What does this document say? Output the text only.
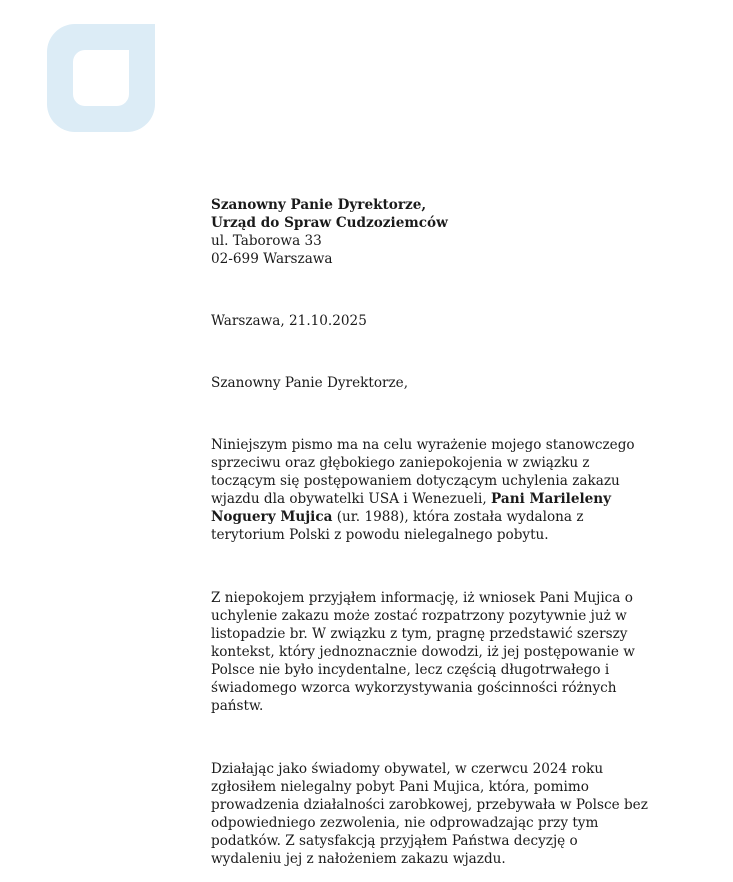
Szanowny Panie Dyrektorze,

Urząd do Spraw Cudzoziemców

ul. Taborowa 33

02-699 Warszawa

Warszawa, 21.10.2025

Szanowny Panie Dyrektorze,

Niniejszym pismo ma na celu wyrażenie mojego stanowczego sprzeciwu oraz głębokiego zaniepokojenia w związku z toczącym się postępowaniem dotyczącym uchylenia zakazu wjazdu dla obywatelki USA i Wenezueli, Pani Marileleny Noguery Mujica (ur. 1988), która została wydalona z terytorium Polski z powodu nielegalnego pobytu.

Z niepokojem przyjąłem informację, iż wniosek Pani Mujica o uchylenie zakazu może zostać rozpatrzony pozytywnie już w listopadzie br. W związku z tym, pragnę przedstawić szerszy kontekst, który jednoznacznie dowodzi, iż jej postępowanie w Polsce nie było incydentalne, lecz częścią długotrwałego i świadomego wzorca wykorzystywania gościnności różnych państw.

Działając jako świadomy obywatel, w czerwcu 2024 roku zgłosiłem nielegalny pobyt Pani Mujica, która, pomimo prowadzenia działalności zarobkowej, przebywała w Polsce bez odpowiedniego zezwolenia, nie odprowadzając przy tym podatków. Z satysfakcją przyjąłem Państwa decyzję o wydaleniu jej z nałożeniem zakazu wjazdu.
